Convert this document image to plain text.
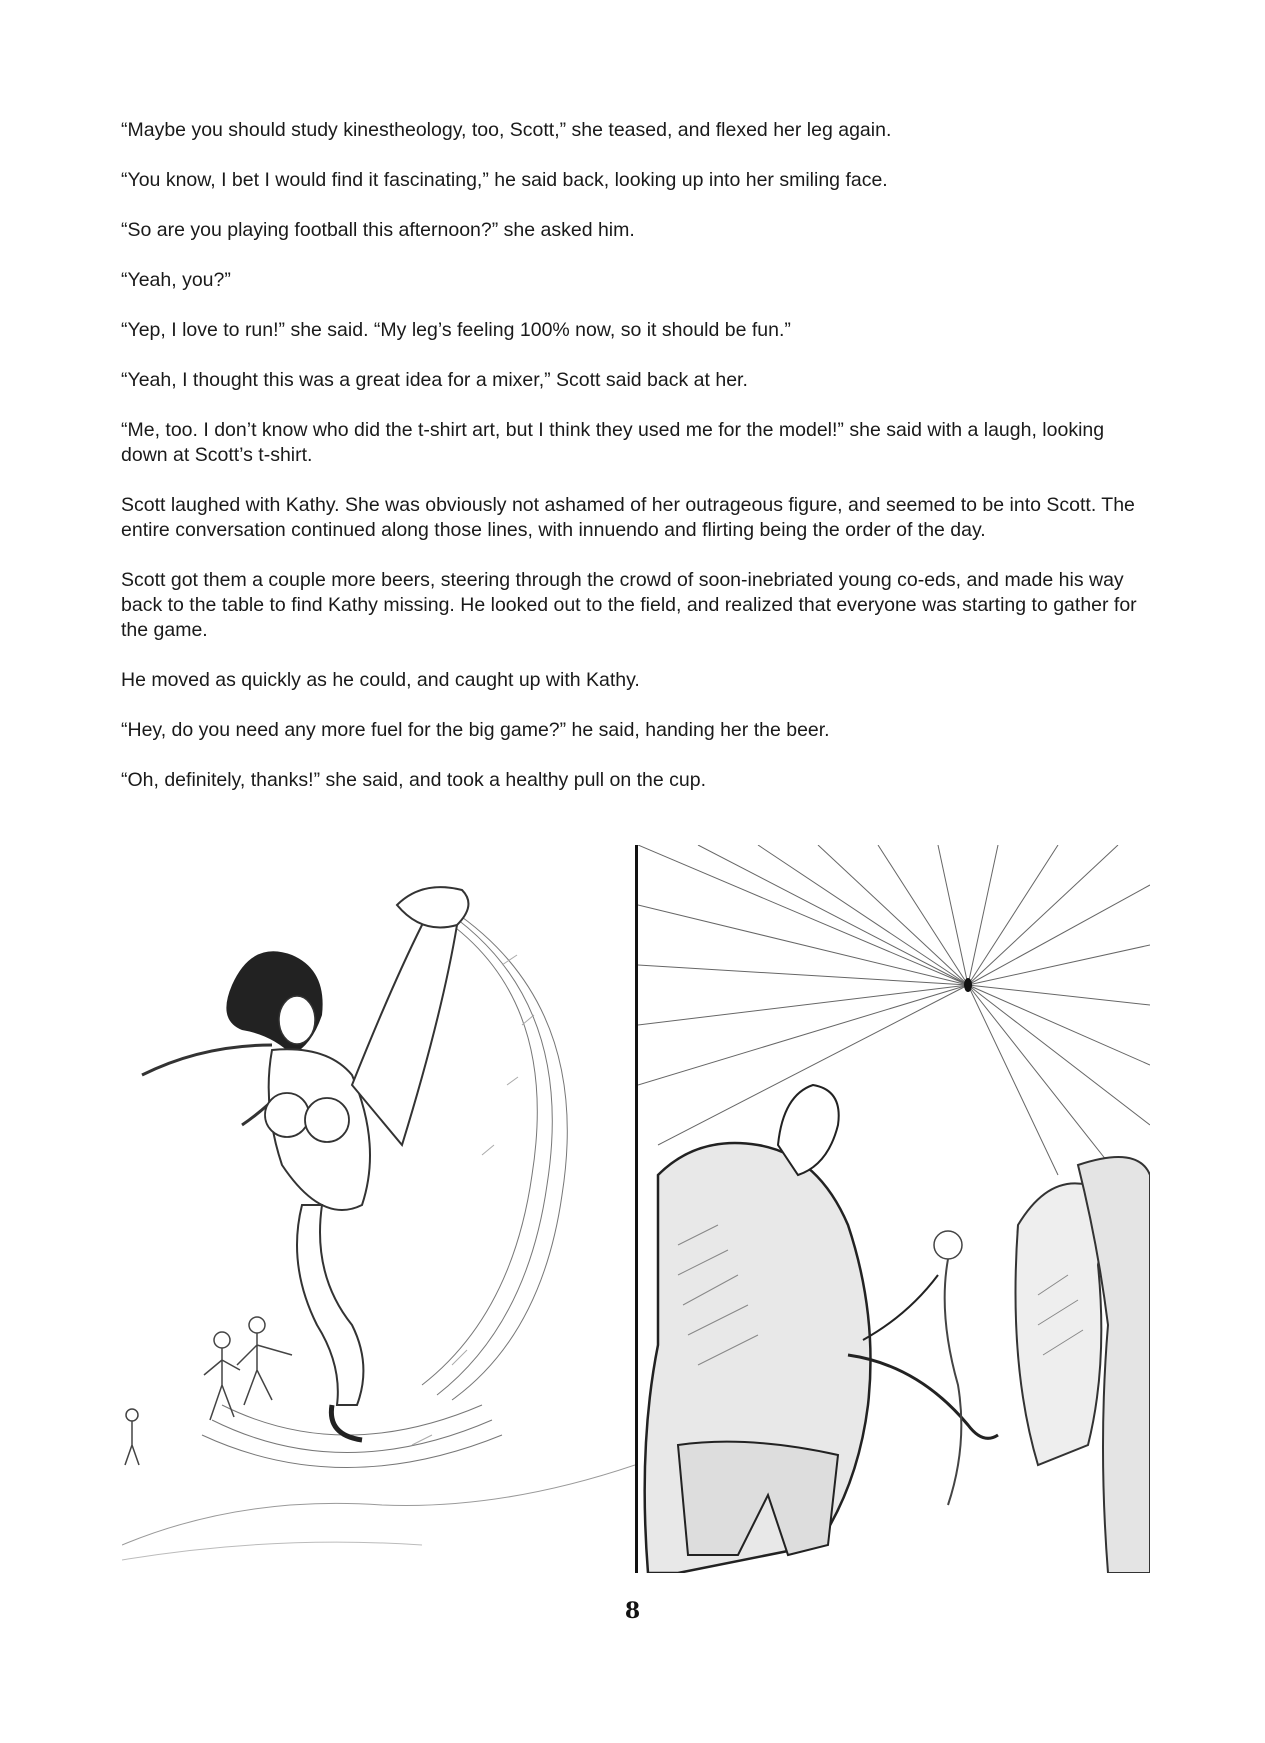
“Maybe you should study kinestheology, too, Scott,” she teased, and flexed her leg again.

“You know, I bet I would find it fascinating,” he said back, looking up into her smiling face.

“So are you playing football this afternoon?” she asked him.

“Yeah, you?”

“Yep, I love to run!” she said. “My leg’s feeling 100% now, so it should be fun.”

“Yeah, I thought this was a great idea for a mixer,” Scott said back at her.

“Me, too. I don’t know who did the t-shirt art, but I think they used me for the model!” she said with a laugh, looking down at Scott’s t-shirt.

Scott laughed with Kathy. She was obviously not ashamed of her outrageous figure, and seemed to be into Scott. The entire conversation continued along those lines, with innuendo and flirting being the order of the day.

Scott got them a couple more beers, steering through the crowd of soon-inebriated young co-eds, and made his way back to the table to find Kathy missing. He looked out to the field, and realized that everyone was starting to gather for the game.

He moved as quickly as he could, and caught up with Kathy.

“Hey, do you need any more fuel for the big game?” he said, handing her the beer.

“Oh, definitely, thanks!” she said, and took a healthy pull on the cup.

8
